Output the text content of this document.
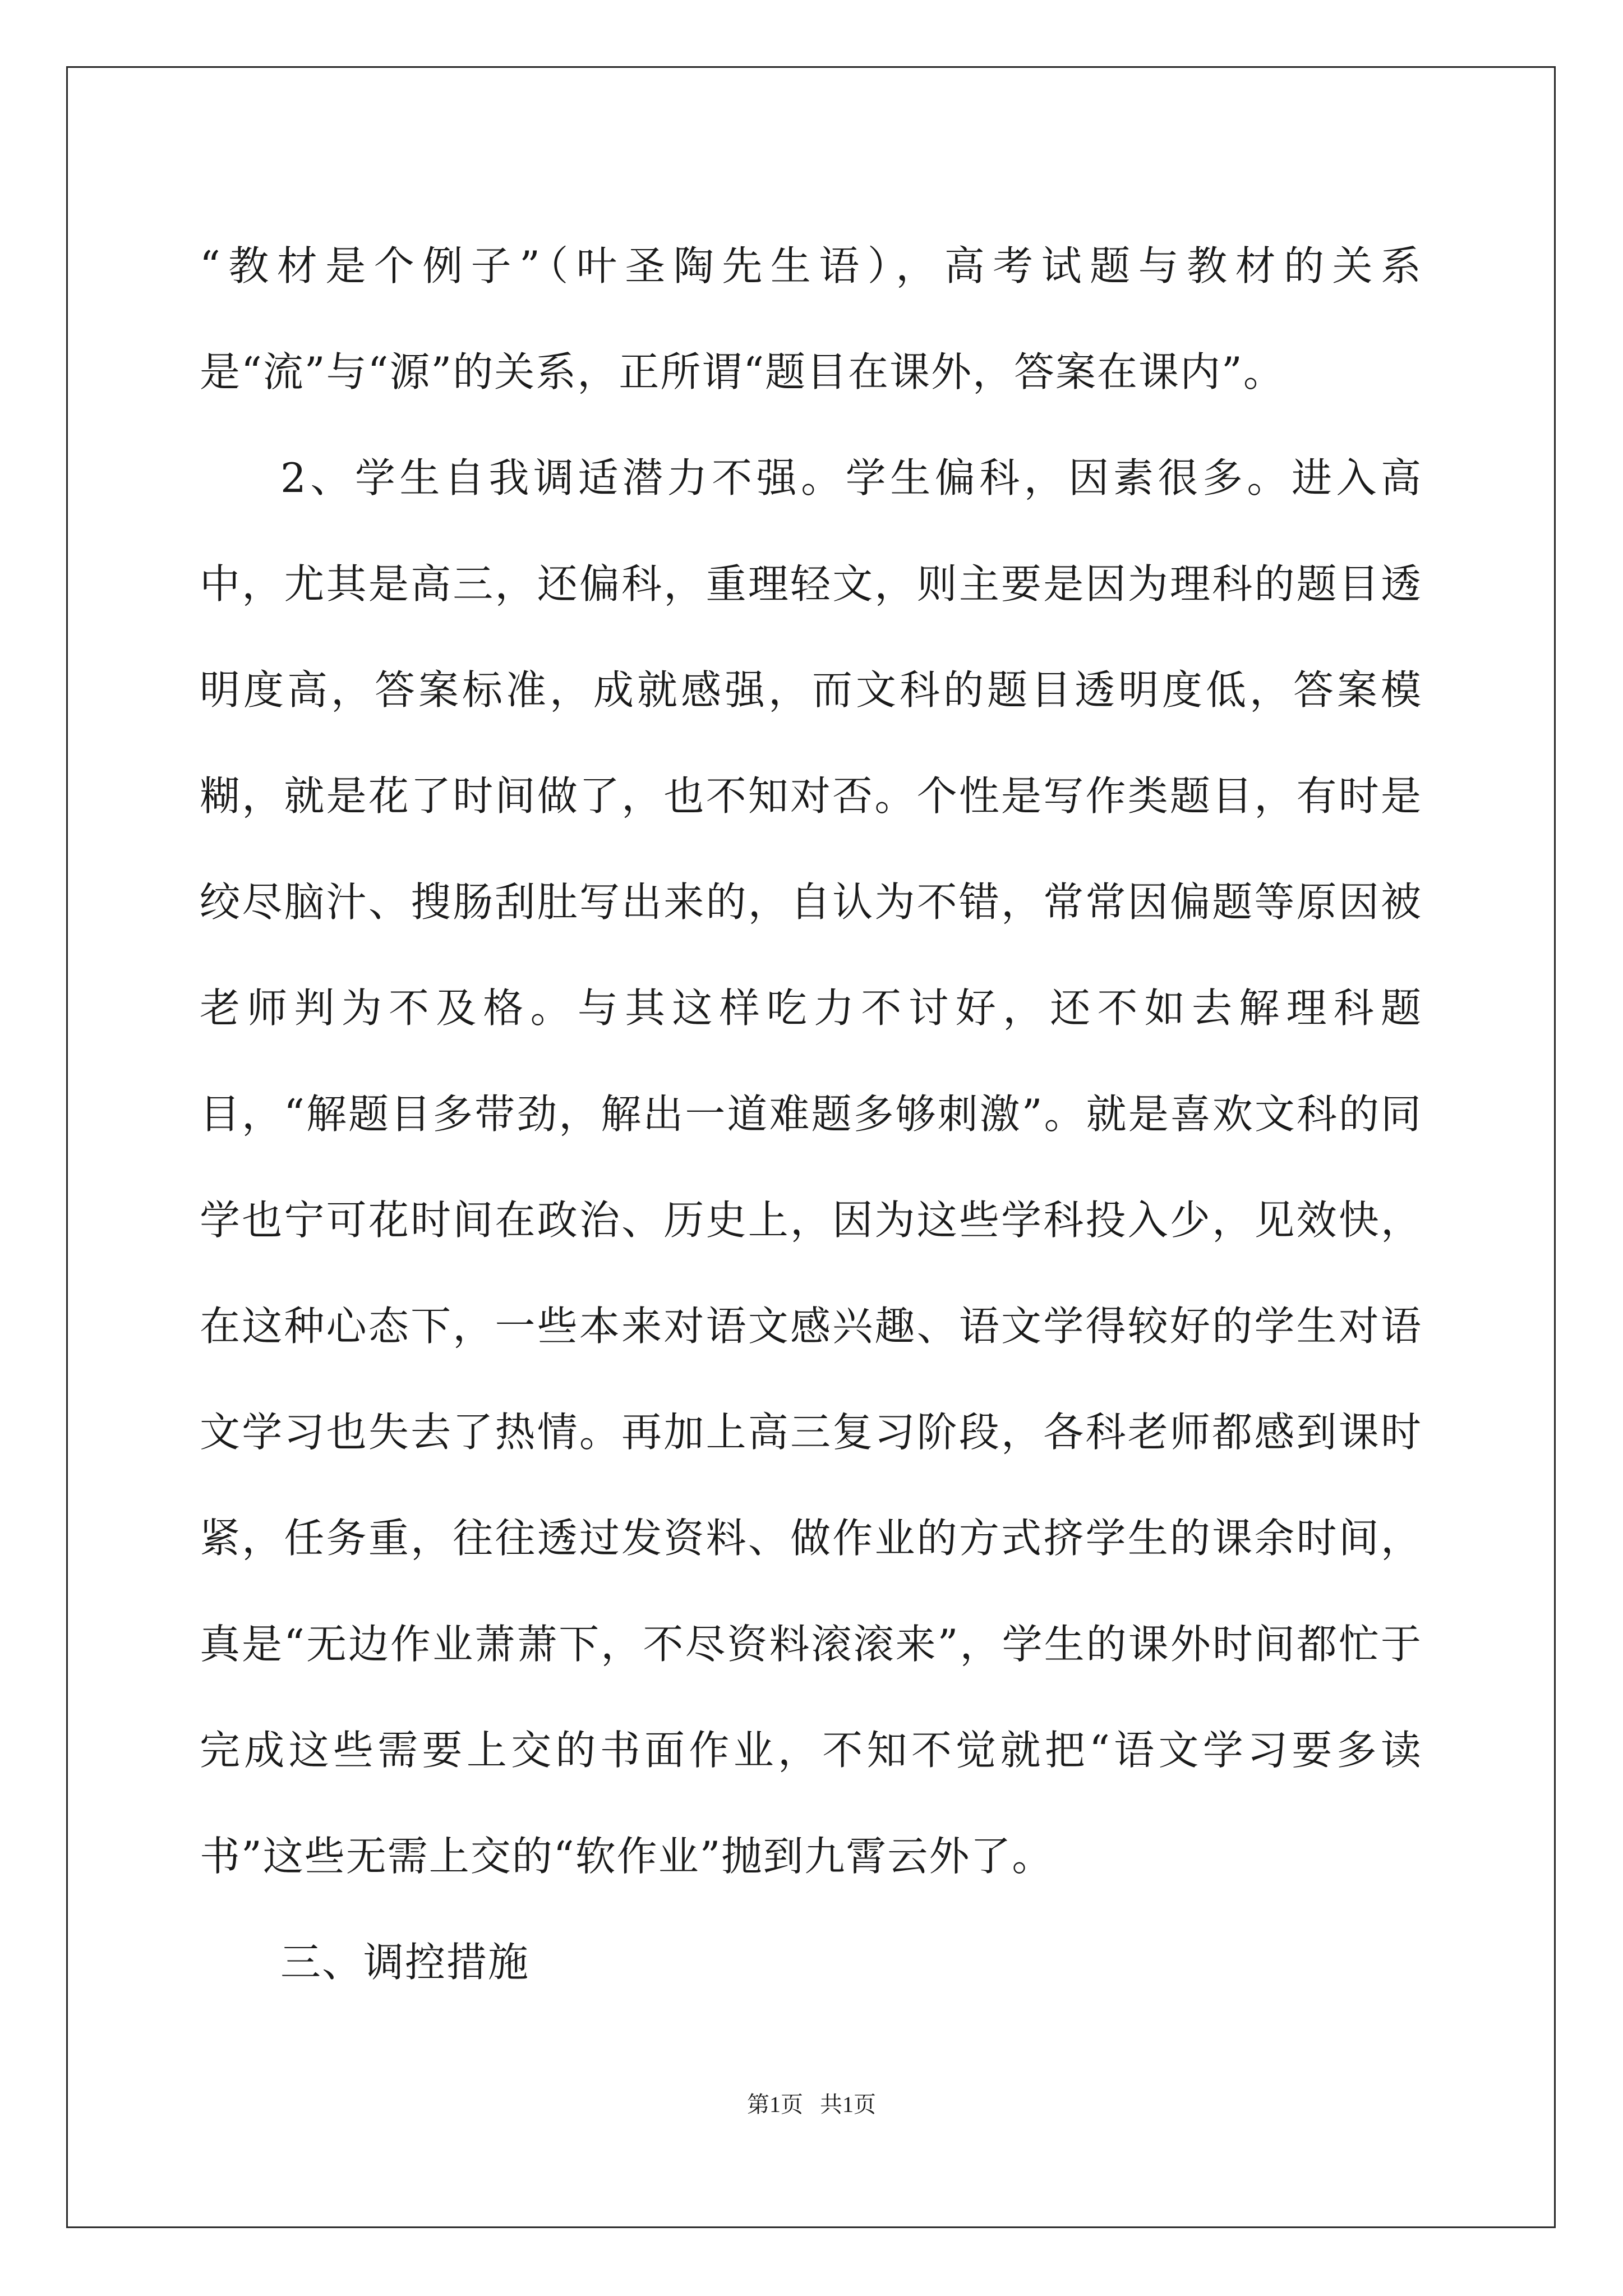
“教材是个例子”（叶圣陶先生语），高考试题与教材的关系是“流”与“源”的关系，正所谓“题目在课外，答案在课内”。

2、学生自我调适潜力不强。学生偏科，因素很多。进入高中，尤其是高三，还偏科，重理轻文，则主要是因为理科的题目透明度高，答案标准，成就感强，而文科的题目透明度低，答案模糊，就是花了时间做了，也不知对否。个性是写作类题目，有时是绞尽脑汁、搜肠刮肚写出来的，自认为不错，常常因偏题等原因被老师判为不及格。与其这样吃力不讨好，还不如去解理科题目，“解题目多带劲，解出一道难题多够刺激”。就是喜欢文科的同学也宁可花时间在政治、历史上，因为这些学科投入少，见效快，在这种心态下，一些本来对语文感兴趣、语文学得较好的学生对语文学习也失去了热情。再加上高三复习阶段，各科老师都感到课时紧，任务重，往往透过发资料、做作业的方式挤学生的课余时间，真是“无边作业萧萧下，不尽资料滚滚来”，学生的课外时间都忙于完成这些需要上交的书面作业，不知不觉就把“语文学习要多读书”这些无需上交的“软作业”抛到九霄云外了。

三、调控措施

第1页 共1页
